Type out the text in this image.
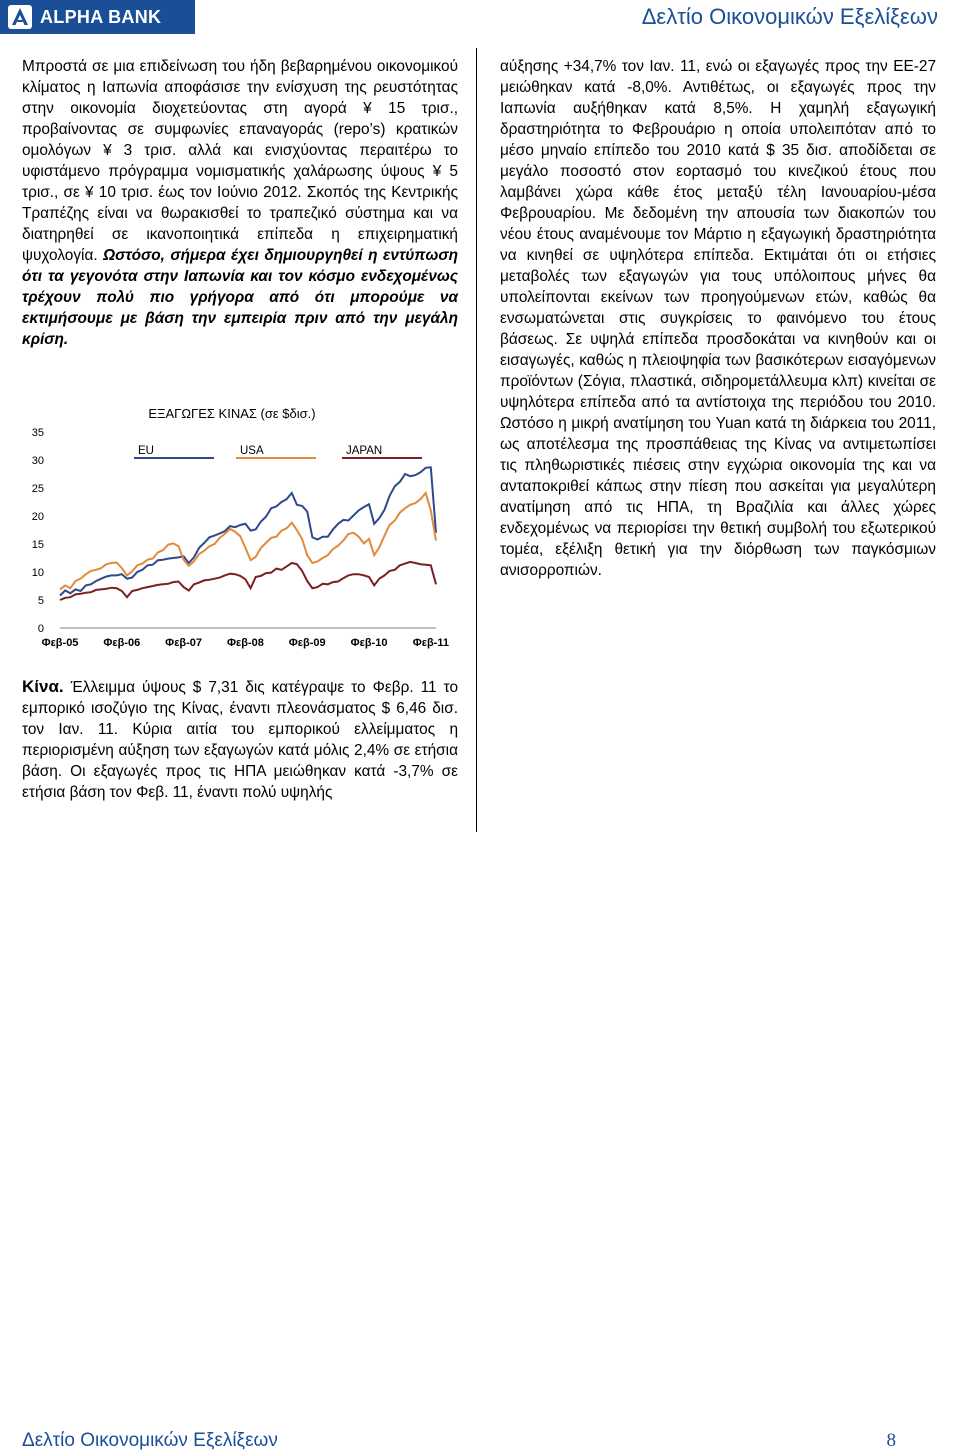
ALPHA BANK	Δελτίο Οικονομικών Εξελίξεων

Μπροστά σε μια επιδείνωση του ήδη βεβαρημένου οικονομικού κλίματος η Ιαπωνία αποφάσισε την ενίσχυση της ρευστότητας στην οικονομία διοχετεύοντας στη αγορά ¥ 15 τρισ., προβαίνοντας σε συμφωνίες επαναγοράς (repo’s) κρατικών ομολόγων ¥ 3 τρισ. αλλά και ενισχύοντας περαιτέρω το υφιστάμενο πρόγραμμα νομισματικής χαλάρωσης ύψους ¥ 5 τρισ., σε ¥ 10 τρισ. έως τον Ιούνιο 2012. Σκοπός της Κεντρικής Τραπέζης είναι να θωρακισθεί το τραπεζικό σύστημα και να διατηρηθεί σε ικανοποιητικά επίπεδα η επιχειρηματική ψυχολογία. Ωστόσο, σήμερα έχει δημιουργηθεί η εντύπωση ότι τα γεγονότα στην Ιαπωνία και τον κόσμο ενδεχομένως τρέχουν πολύ πιο γρήγορα από ότι μπορούμε να εκτιμήσουμε με βάση την εμπειρία πριν από την μεγάλη κρίση.

ΕΞΑΓΩΓΕΣ ΚΙΝΑΣ (σε $δισ.)
0
5
10
15
20
25
30
35
Φεβ-05 Φεβ-06 Φεβ-07 Φεβ-08 Φεβ-09 Φεβ-10 Φεβ-11
EU	USA	JAPAN

Κίνα. Έλλειμμα ύψους $ 7,31 δις κατέγραψε το Φεβρ. 11 το εμπορικό ισοζύγιο της Κίνας, έναντι πλεονάσματος $ 6,46 δισ. τον Ιαν. 11. Κύρια αιτία του εμπορικού ελλείμματος η περιορισμένη αύξηση των εξαγωγών κατά μόλις 2,4% σε ετήσια βάση. Οι εξαγωγές προς τις ΗΠΑ μειώθηκαν κατά -3,7% σε ετήσια βάση τον Φεβ. 11, έναντι πολύ υψηλής

αύξησης +34,7% τον Ιαν. 11, ενώ οι εξαγωγές προς την ΕΕ-27 μειώθηκαν κατά -8,0%. Αντιθέτως, οι εξαγωγές προς την Ιαπωνία αυξήθηκαν κατά 8,5%. Η χαμηλή εξαγωγική δραστηριότητα το Φεβρουάριο η οποία υπολειπόταν από το μέσο μηναίο επίπεδο του 2010 κατά $ 35 δισ. αποδίδεται σε μεγάλο ποσοστό στον εορτασμό του κινεζικού έτους που λαμβάνει χώρα κάθε έτος μεταξύ τέλη Ιανουαρίου-μέσα Φεβρουαρίου. Με δεδομένη την απουσία των διακοπών του νέου έτους αναμένουμε τον Μάρτιο η εξαγωγική δραστηριότητα να κινηθεί σε υψηλότερα επίπεδα. Εκτιμάται ότι οι ετήσιες μεταβολές των εξαγωγών για τους υπόλοιπους μήνες θα υπολείπονται εκείνων των προηγούμενων ετών, καθώς θα ενσωματώνεται στις συγκρίσεις το φαινόμενο του έτους βάσεως. Σε υψηλά επίπεδα προσδοκάται να κινηθούν και οι εισαγωγές, καθώς η πλειοψηφία των βασικότερων εισαγόμενων προϊόντων (Σόγια, πλαστικά, σιδηρομετάλλευμα κλπ) κινείται σε υψηλότερα επίπεδα από τα αντίστοιχα της περιόδου του 2010. Ωστόσο η μικρή ανατίμηση του Yuan κατά τη διάρκεια του 2011, ως αποτέλεσμα της προσπάθειας της Κίνας να αντιμετωπίσει τις πληθωριστικές πιέσεις στην εγχώρια οικονομία της και να ανταποκριθεί κάπως στην πίεση που ασκείται για μεγαλύτερη ανατίμηση από τις ΗΠΑ, τη Βραζιλία και άλλες χώρες ενδεχομένως να περιορίσει την θετική συμβολή του εξωτερικού τομέα, εξέλιξη θετική για την διόρθωση των παγκόσμιων ανισορροπιών.

Δελτίο Οικονομικών Εξελίξεων	8
